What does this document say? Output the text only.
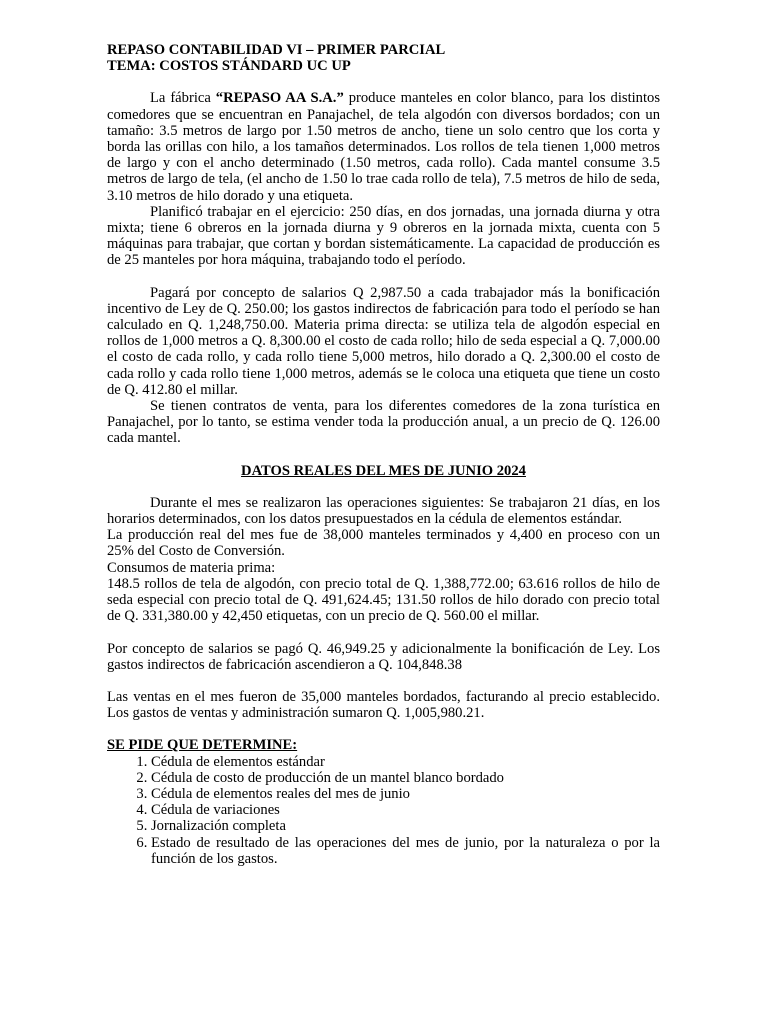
REPASO CONTABILIDAD VI – PRIMER PARCIAL

TEMA: COSTOS STÁNDARD UC UP

La fábrica “REPASO AA S.A.” produce manteles en color blanco, para los distintos comedores que se encuentran en Panajachel, de tela algodón con diversos bordados; con un tamaño: 3.5 metros de largo por 1.50 metros de ancho, tiene un solo centro que los corta y borda las orillas con hilo, a los tamaños determinados. Los rollos de tela tienen 1,000 metros de largo y con el ancho determinado (1.50 metros, cada rollo). Cada mantel consume 3.5 metros de largo de tela, (el ancho de 1.50 lo trae cada rollo de tela), 7.5 metros de hilo de seda, 3.10 metros de hilo dorado y una etiqueta.

Planificó trabajar en el ejercicio: 250 días, en dos jornadas, una jornada diurna y otra mixta; tiene 6 obreros en la jornada diurna y 9 obreros en la jornada mixta, cuenta con 5 máquinas para trabajar, que cortan y bordan sistemáticamente. La capacidad de producción es de 25 manteles por hora máquina, trabajando todo el período.

Pagará por concepto de salarios Q 2,987.50 a cada trabajador más la bonificación incentivo de Ley de Q. 250.00; los gastos indirectos de fabricación para todo el período se han calculado en Q. 1,248,750.00. Materia prima directa: se utiliza tela de algodón especial en rollos de 1,000 metros a Q. 8,300.00 el costo de cada rollo; hilo de seda especial a Q. 7,000.00 el costo de cada rollo, y cada rollo tiene 5,000 metros, hilo dorado a Q. 2,300.00 el costo de cada rollo y cada rollo tiene 1,000 metros, además se le coloca una etiqueta que tiene un costo de Q. 412.80 el millar.

Se tienen contratos de venta, para los diferentes comedores de la zona turística en Panajachel, por lo tanto, se estima vender toda la producción anual, a un precio de Q. 126.00 cada mantel.

DATOS REALES DEL MES DE JUNIO 2024

Durante el mes se realizaron las operaciones siguientes: Se trabajaron 21 días, en los horarios determinados, con los datos presupuestados en la cédula de elementos estándar.

La producción real del mes fue de 38,000 manteles terminados y 4,400 en proceso con un 25% del Costo de Conversión.

Consumos de materia prima:

148.5 rollos de tela de algodón, con precio total de Q. 1,388,772.00; 63.616 rollos de hilo de seda especial con precio total de Q. 491,624.45; 131.50 rollos de hilo dorado con precio total de Q. 331,380.00 y 42,450 etiquetas, con un precio de Q. 560.00 el millar.

Por concepto de salarios se pagó Q. 46,949.25 y adicionalmente la bonificación de Ley. Los gastos indirectos de fabricación ascendieron a Q. 104,848.38

Las ventas en el mes fueron de 35,000 manteles bordados, facturando al precio establecido. Los gastos de ventas y administración sumaron Q. 1,005,980.21.

SE PIDE QUE DETERMINE:

1. Cédula de elementos estándar
2. Cédula de costo de producción de un mantel blanco bordado
3. Cédula de elementos reales del mes de junio
4. Cédula de variaciones
5. Jornalización completa
6. Estado de resultado de las operaciones del mes de junio, por la naturaleza o por la función de los gastos.
